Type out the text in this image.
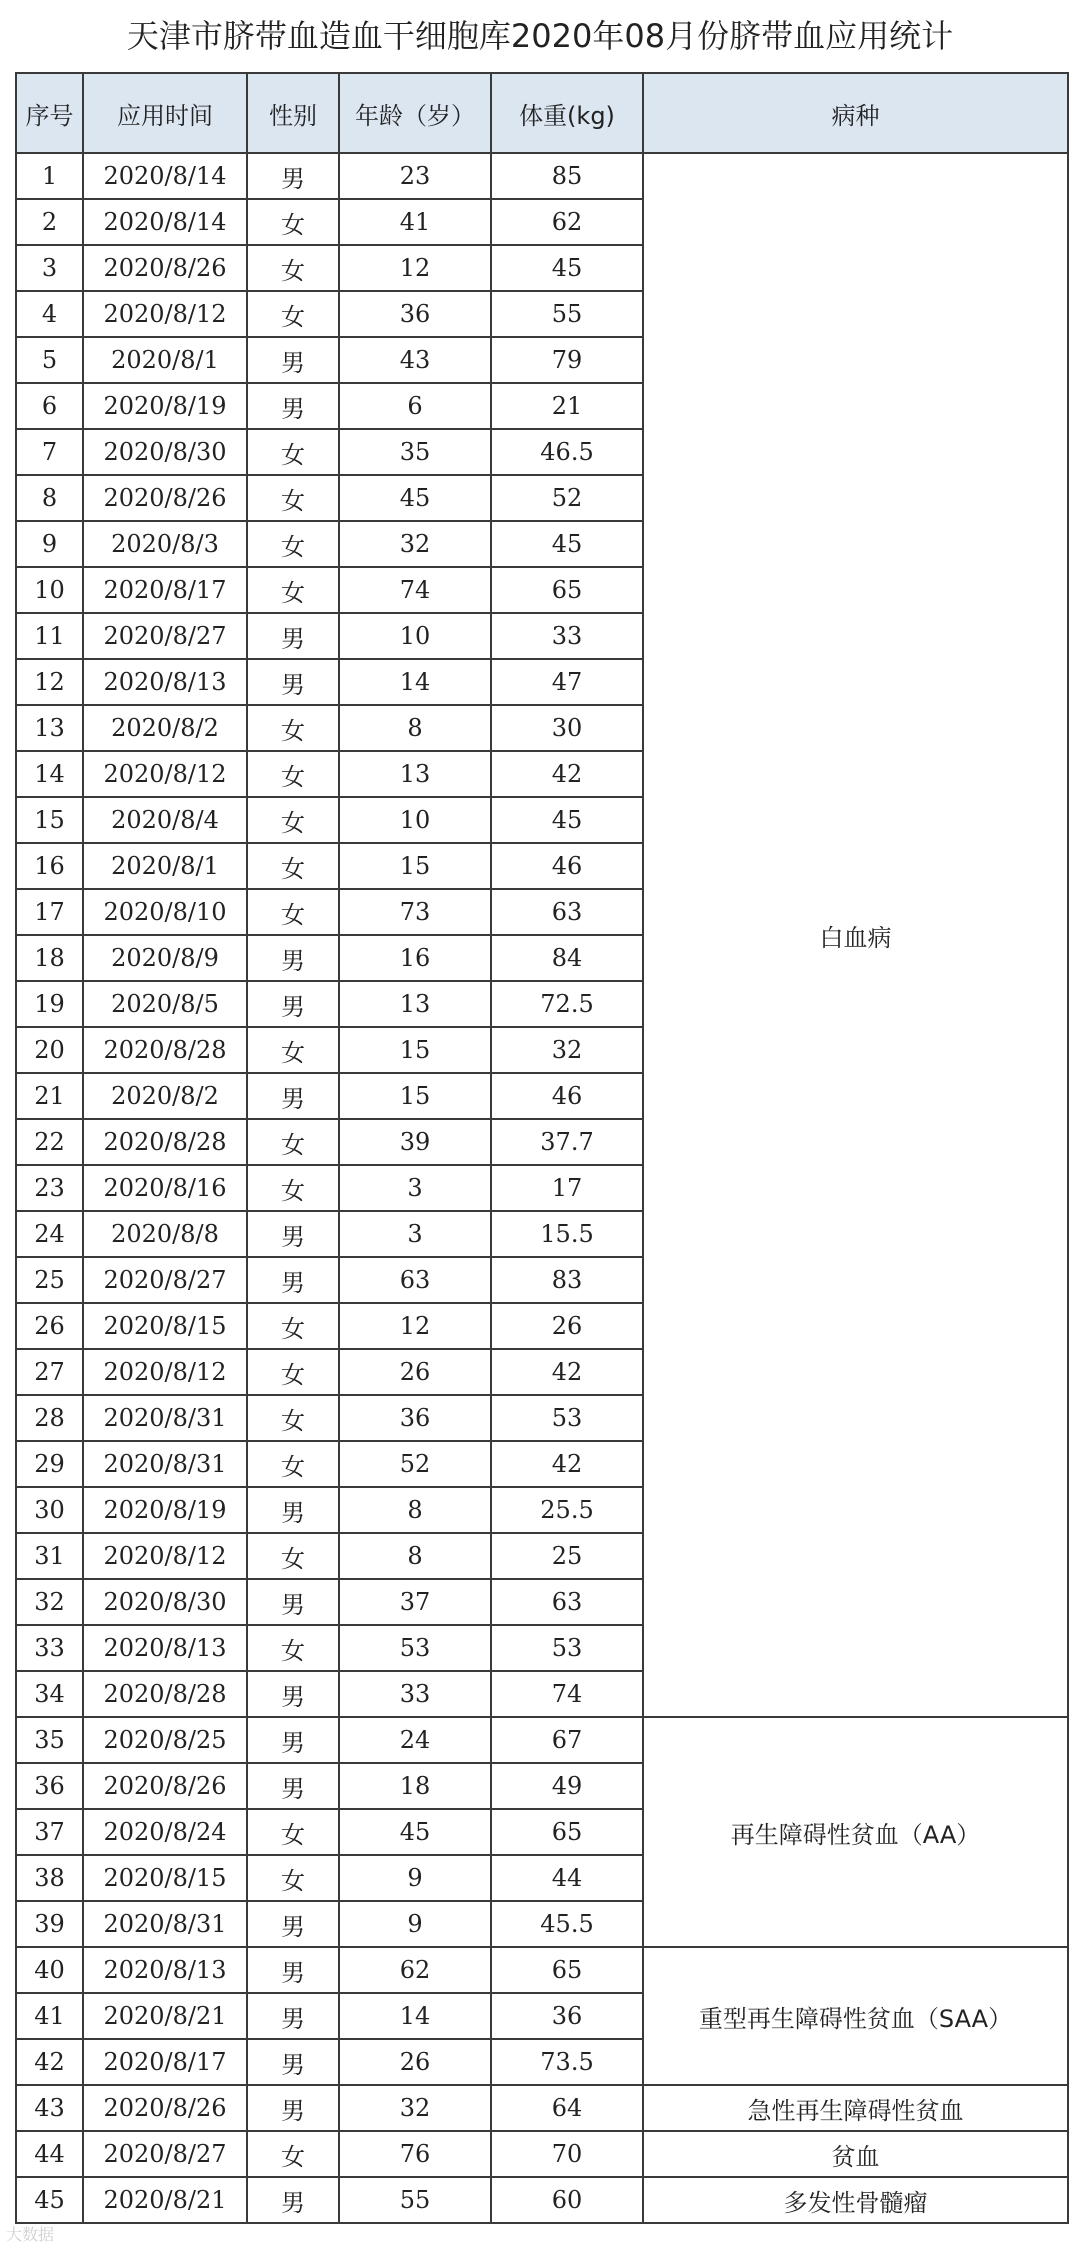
天津市脐带血造血干细胞库2020年08月份脐带血应用统计
序号	应用时间	性别	年龄（岁）	体重(kg)	病种
1	2020/8/14	男	23	85	白血病
2	2020/8/14	女	41	62	
3	2020/8/26	女	12	45	
4	2020/8/12	女	36	55	
5	2020/8/1	男	43	79	
6	2020/8/19	男	6	21	
7	2020/8/30	女	35	46.5	
8	2020/8/26	女	45	52	
9	2020/8/3	女	32	45	
10	2020/8/17	女	74	65	
11	2020/8/27	男	10	33	
12	2020/8/13	男	14	47	
13	2020/8/2	女	8	30	
14	2020/8/12	女	13	42	
15	2020/8/4	女	10	45	
16	2020/8/1	女	15	46	
17	2020/8/10	女	73	63	
18	2020/8/9	男	16	84	
19	2020/8/5	男	13	72.5	
20	2020/8/28	女	15	32	
21	2020/8/2	男	15	46	
22	2020/8/28	女	39	37.7	
23	2020/8/16	女	3	17	
24	2020/8/8	男	3	15.5	
25	2020/8/27	男	63	83	
26	2020/8/15	女	12	26	
27	2020/8/12	女	26	42	
28	2020/8/31	女	36	53	
29	2020/8/31	女	52	42	
30	2020/8/19	男	8	25.5	
31	2020/8/12	女	8	25	
32	2020/8/30	男	37	63	
33	2020/8/13	女	53	53	
34	2020/8/28	男	33	74	
35	2020/8/25	男	24	67	再生障碍性贫血（AA）
36	2020/8/26	男	18	49	
37	2020/8/24	女	45	65	
38	2020/8/15	女	9	44	
39	2020/8/31	男	9	45.5	
40	2020/8/13	男	62	65	重型再生障碍性贫血（SAA）
41	2020/8/21	男	14	36	
42	2020/8/17	男	26	73.5	
43	2020/8/26	男	32	64	急性再生障碍性贫血
44	2020/8/27	女	76	70	贫血
45	2020/8/21	男	55	60	多发性骨髓瘤
大数据
